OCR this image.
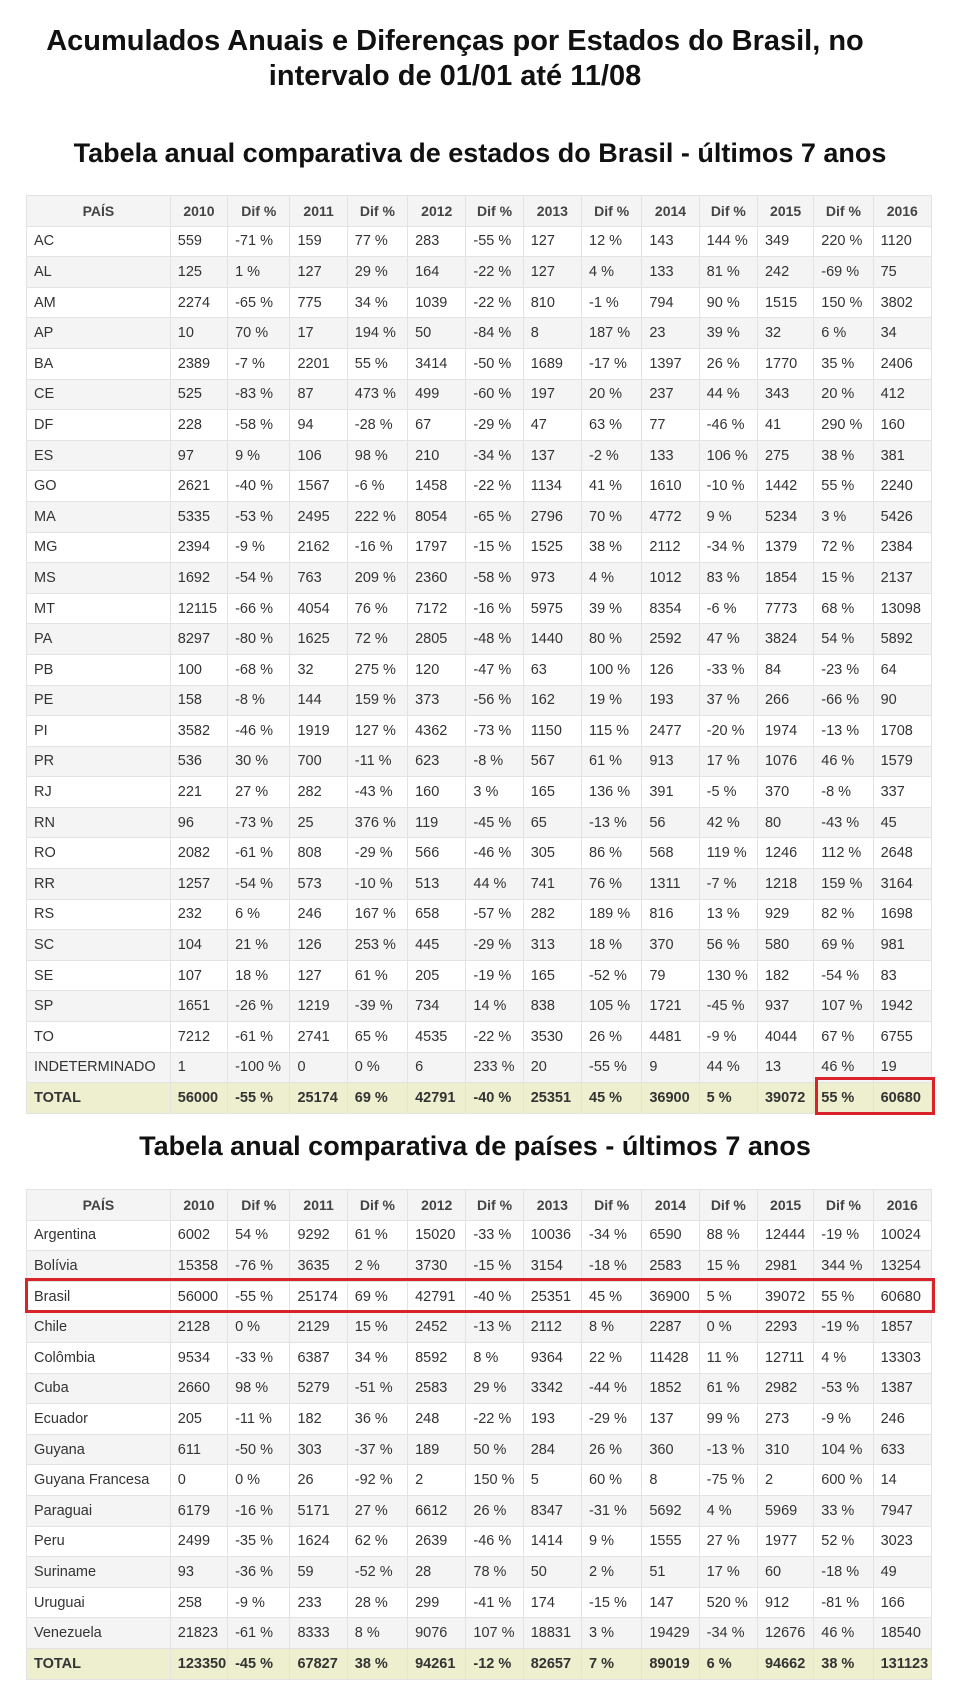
Acumulados Anuais e Diferenças por Estados do Brasil, no
intervalo de 01/01 até 11/08
Tabela anual comparativa de estados do Brasil - últimos 7 anos
PAÍS	2010	Dif %	2011	Dif %	2012	Dif %	2013	Dif %	2014	Dif %	2015	Dif %	2016
AC	559	-71 %	159	77 %	283	-55 %	127	12 %	143	144 %	349	220 %	1120
AL	125	1 %	127	29 %	164	-22 %	127	4 %	133	81 %	242	-69 %	75
AM	2274	-65 %	775	34 %	1039	-22 %	810	-1 %	794	90 %	1515	150 %	3802
AP	10	70 %	17	194 %	50	-84 %	8	187 %	23	39 %	32	6 %	34
BA	2389	-7 %	2201	55 %	3414	-50 %	1689	-17 %	1397	26 %	1770	35 %	2406
CE	525	-83 %	87	473 %	499	-60 %	197	20 %	237	44 %	343	20 %	412
DF	228	-58 %	94	-28 %	67	-29 %	47	63 %	77	-46 %	41	290 %	160
ES	97	9 %	106	98 %	210	-34 %	137	-2 %	133	106 %	275	38 %	381
GO	2621	-40 %	1567	-6 %	1458	-22 %	1134	41 %	1610	-10 %	1442	55 %	2240
MA	5335	-53 %	2495	222 %	8054	-65 %	2796	70 %	4772	9 %	5234	3 %	5426
MG	2394	-9 %	2162	-16 %	1797	-15 %	1525	38 %	2112	-34 %	1379	72 %	2384
MS	1692	-54 %	763	209 %	2360	-58 %	973	4 %	1012	83 %	1854	15 %	2137
MT	12115	-66 %	4054	76 %	7172	-16 %	5975	39 %	8354	-6 %	7773	68 %	13098
PA	8297	-80 %	1625	72 %	2805	-48 %	1440	80 %	2592	47 %	3824	54 %	5892
PB	100	-68 %	32	275 %	120	-47 %	63	100 %	126	-33 %	84	-23 %	64
PE	158	-8 %	144	159 %	373	-56 %	162	19 %	193	37 %	266	-66 %	90
PI	3582	-46 %	1919	127 %	4362	-73 %	1150	115 %	2477	-20 %	1974	-13 %	1708
PR	536	30 %	700	-11 %	623	-8 %	567	61 %	913	17 %	1076	46 %	1579
RJ	221	27 %	282	-43 %	160	3 %	165	136 %	391	-5 %	370	-8 %	337
RN	96	-73 %	25	376 %	119	-45 %	65	-13 %	56	42 %	80	-43 %	45
RO	2082	-61 %	808	-29 %	566	-46 %	305	86 %	568	119 %	1246	112 %	2648
RR	1257	-54 %	573	-10 %	513	44 %	741	76 %	1311	-7 %	1218	159 %	3164
RS	232	6 %	246	167 %	658	-57 %	282	189 %	816	13 %	929	82 %	1698
SC	104	21 %	126	253 %	445	-29 %	313	18 %	370	56 %	580	69 %	981
SE	107	18 %	127	61 %	205	-19 %	165	-52 %	79	130 %	182	-54 %	83
SP	1651	-26 %	1219	-39 %	734	14 %	838	105 %	1721	-45 %	937	107 %	1942
TO	7212	-61 %	2741	65 %	4535	-22 %	3530	26 %	4481	-9 %	4044	67 %	6755
INDETERMINADO	1	-100 %	0	0 %	6	233 %	20	-55 %	9	44 %	13	46 %	19
TOTAL	56000	-55 %	25174	69 %	42791	-40 %	25351	45 %	36900	5 %	39072	55 %	60680
Tabela anual comparativa de países - últimos 7 anos
PAÍS	2010	Dif %	2011	Dif %	2012	Dif %	2013	Dif %	2014	Dif %	2015	Dif %	2016
Argentina	6002	54 %	9292	61 %	15020	-33 %	10036	-34 %	6590	88 %	12444	-19 %	10024
Bolívia	15358	-76 %	3635	2 %	3730	-15 %	3154	-18 %	2583	15 %	2981	344 %	13254
Brasil	56000	-55 %	25174	69 %	42791	-40 %	25351	45 %	36900	5 %	39072	55 %	60680
Chile	2128	0 %	2129	15 %	2452	-13 %	2112	8 %	2287	0 %	2293	-19 %	1857
Colômbia	9534	-33 %	6387	34 %	8592	8 %	9364	22 %	11428	11 %	12711	4 %	13303
Cuba	2660	98 %	5279	-51 %	2583	29 %	3342	-44 %	1852	61 %	2982	-53 %	1387
Ecuador	205	-11 %	182	36 %	248	-22 %	193	-29 %	137	99 %	273	-9 %	246
Guyana	611	-50 %	303	-37 %	189	50 %	284	26 %	360	-13 %	310	104 %	633
Guyana Francesa	0	0 %	26	-92 %	2	150 %	5	60 %	8	-75 %	2	600 %	14
Paraguai	6179	-16 %	5171	27 %	6612	26 %	8347	-31 %	5692	4 %	5969	33 %	7947
Peru	2499	-35 %	1624	62 %	2639	-46 %	1414	9 %	1555	27 %	1977	52 %	3023
Suriname	93	-36 %	59	-52 %	28	78 %	50	2 %	51	17 %	60	-18 %	49
Uruguai	258	-9 %	233	28 %	299	-41 %	174	-15 %	147	520 %	912	-81 %	166
Venezuela	21823	-61 %	8333	8 %	9076	107 %	18831	3 %	19429	-34 %	12676	46 %	18540
TOTAL	123350	-45 %	67827	38 %	94261	-12 %	82657	7 %	89019	6 %	94662	38 %	131123
